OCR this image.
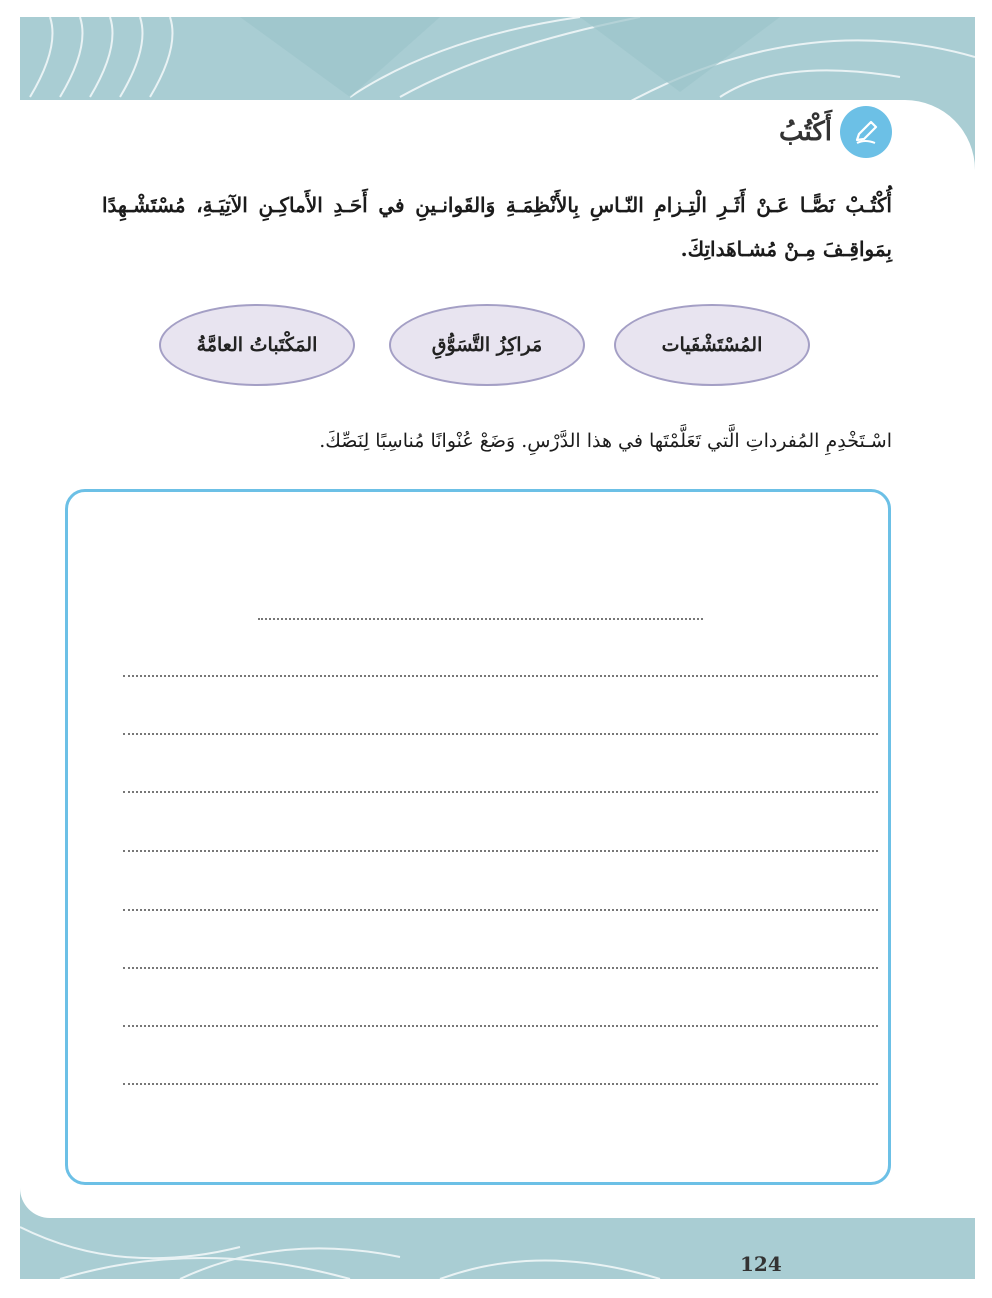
أَكْتُبُ
أُكْتُـبْ نَصًّـا عَـنْ أَثَـرِ الْتِـزامِ النّـاسِ بِالأَنْظِمَـةِ وَالقَوانـينِ في أَحَـدِ الأَماكِـنِ الآتِيَـةِ، مُسْتَشْـهِدًا بِمَواقِـفَ مِـنْ مُشـاهَداتِكَ.
المُسْتَشْفَيات
مَراكِزُ التَّسَوُّقِ
المَكْتَباتُ العامَّةُ
اسْـتَخْدِمِ المُفرداتِ الَّتي تَعَلَّمْتَها في هذا الدَّرْسِ. وَضَعْ عُنْوانًا مُناسِبًا لِنَصِّكَ.
124
